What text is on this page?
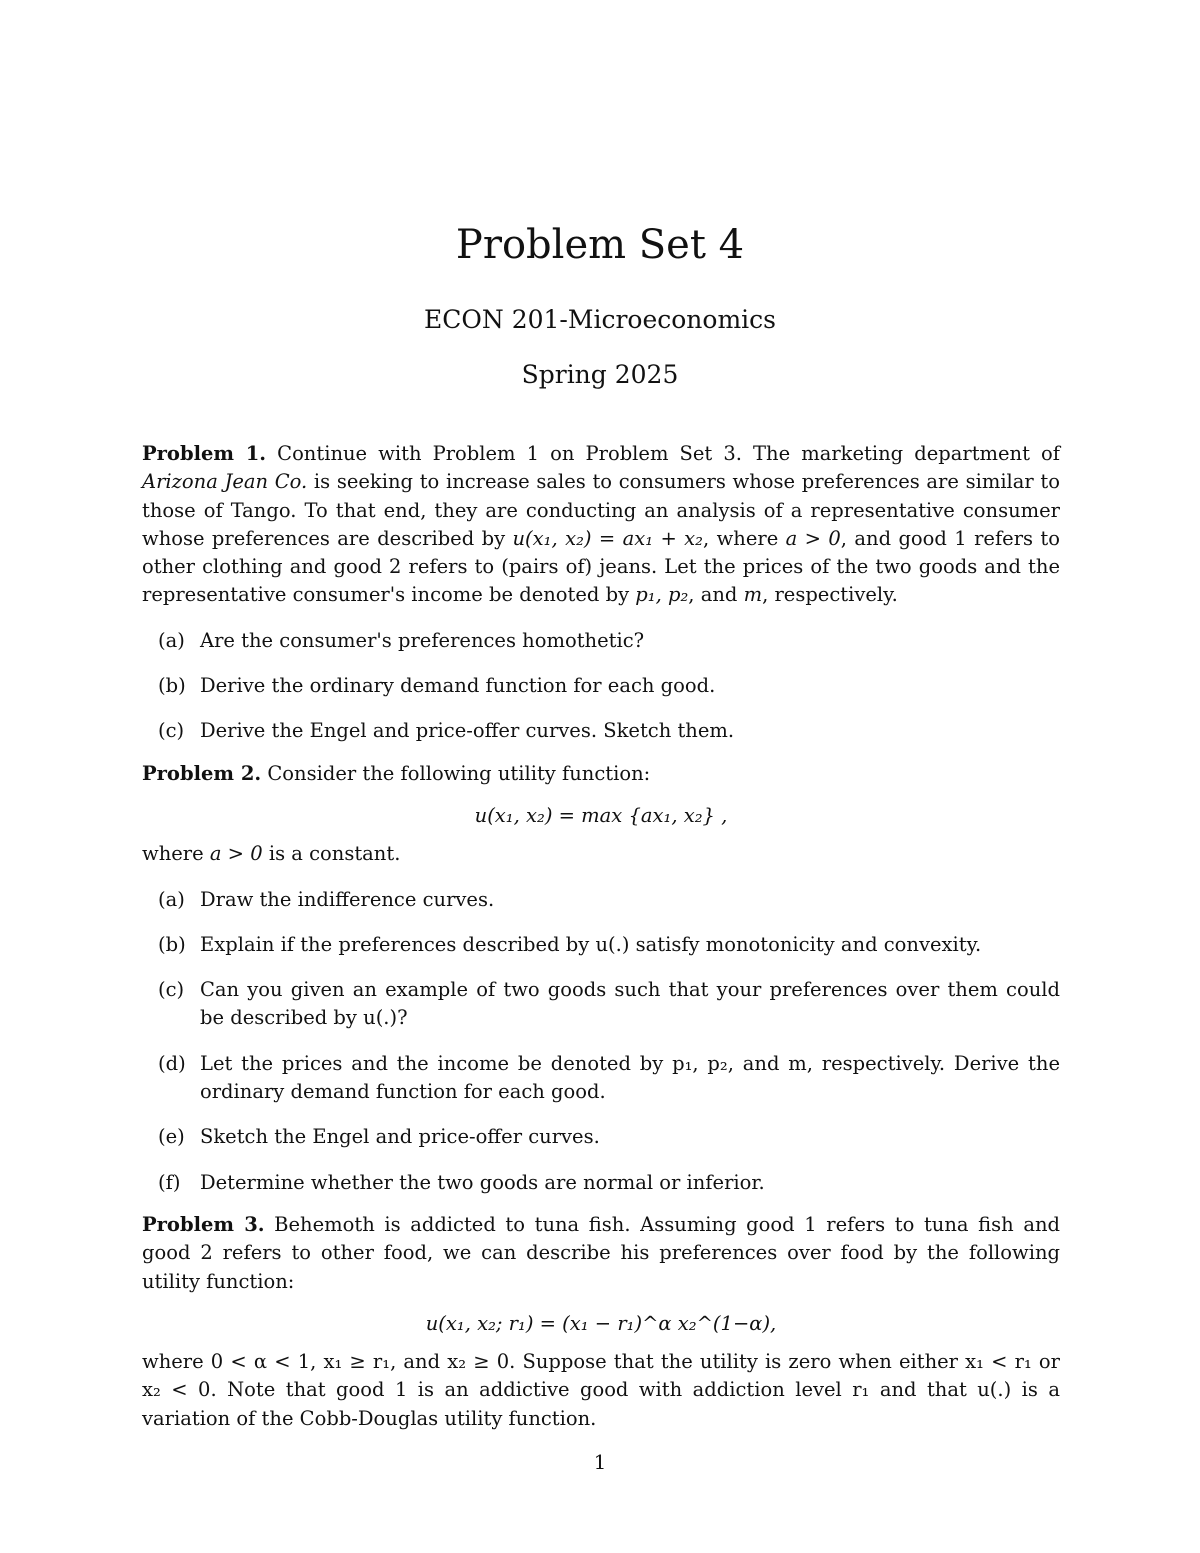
Problem Set 4
ECON 201-Microeconomics
Spring 2025

Problem 1. Continue with Problem 1 on Problem Set 3. The marketing department of Arizona Jean Co. is seeking to increase sales to consumers whose preferences are similar to those of Tango. To that end, they are conducting an analysis of a representative consumer whose preferences are described by u(x₁, x₂) = ax₁ + x₂, where a > 0, and good 1 refers to other clothing and good 2 refers to (pairs of) jeans. Let the prices of the two goods and the representative consumer's income be denoted by p₁, p₂, and m, respectively.

(a) Are the consumer's preferences homothetic?
(b) Derive the ordinary demand function for each good.
(c) Derive the Engel and price-offer curves. Sketch them.

Problem 2. Consider the following utility function:

u(x₁, x₂) = max {ax₁, x₂} ,

where a > 0 is a constant.

(a) Draw the indifference curves.
(b) Explain if the preferences described by u(.) satisfy monotonicity and convexity.
(c) Can you given an example of two goods such that your preferences over them could be described by u(.)?
(d) Let the prices and the income be denoted by p₁, p₂, and m, respectively. Derive the ordinary demand function for each good.
(e) Sketch the Engel and price-offer curves.
(f) Determine whether the two goods are normal or inferior.

Problem 3. Behemoth is addicted to tuna fish. Assuming good 1 refers to tuna fish and good 2 refers to other food, we can describe his preferences over food by the following utility function:

u(x₁, x₂; r₁) = (x₁ − r₁)^α x₂^(1−α),

where 0 < α < 1, x₁ ≥ r₁, and x₂ ≥ 0. Suppose that the utility is zero when either x₁ < r₁ or x₂ < 0. Note that good 1 is an addictive good with addiction level r₁ and that u(.) is a variation of the Cobb-Douglas utility function.

1
